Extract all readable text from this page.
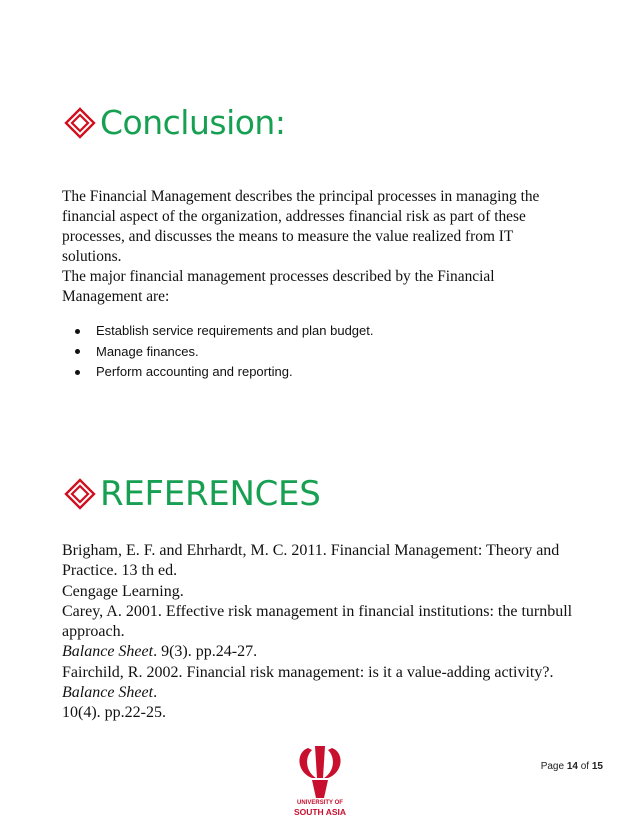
Conclusion:
The Financial Management describes the principal processes in managing the
financial aspect of the organization, addresses financial risk as part of these
processes, and discusses the means to measure the value realized from IT
solutions.
The major financial management processes described by the Financial
Management are:
Establish service requirements and plan budget.
Manage finances.
Perform accounting and reporting.
REFERENCES
Brigham, E. F. and Ehrhardt, M. C. 2011. Financial Management: Theory and
Practice. 13 th ed.
Cengage Learning.
Carey, A. 2001. Effective risk management in financial institutions: the turnbull
approach.
Balance Sheet. 9(3). pp.24-27.
Fairchild, R. 2002. Financial risk management: is it a value-adding activity?.
Balance Sheet.
10(4). pp.22-25.
UNIVERSITY OF
SOUTH ASIA
Page 14 of 15
